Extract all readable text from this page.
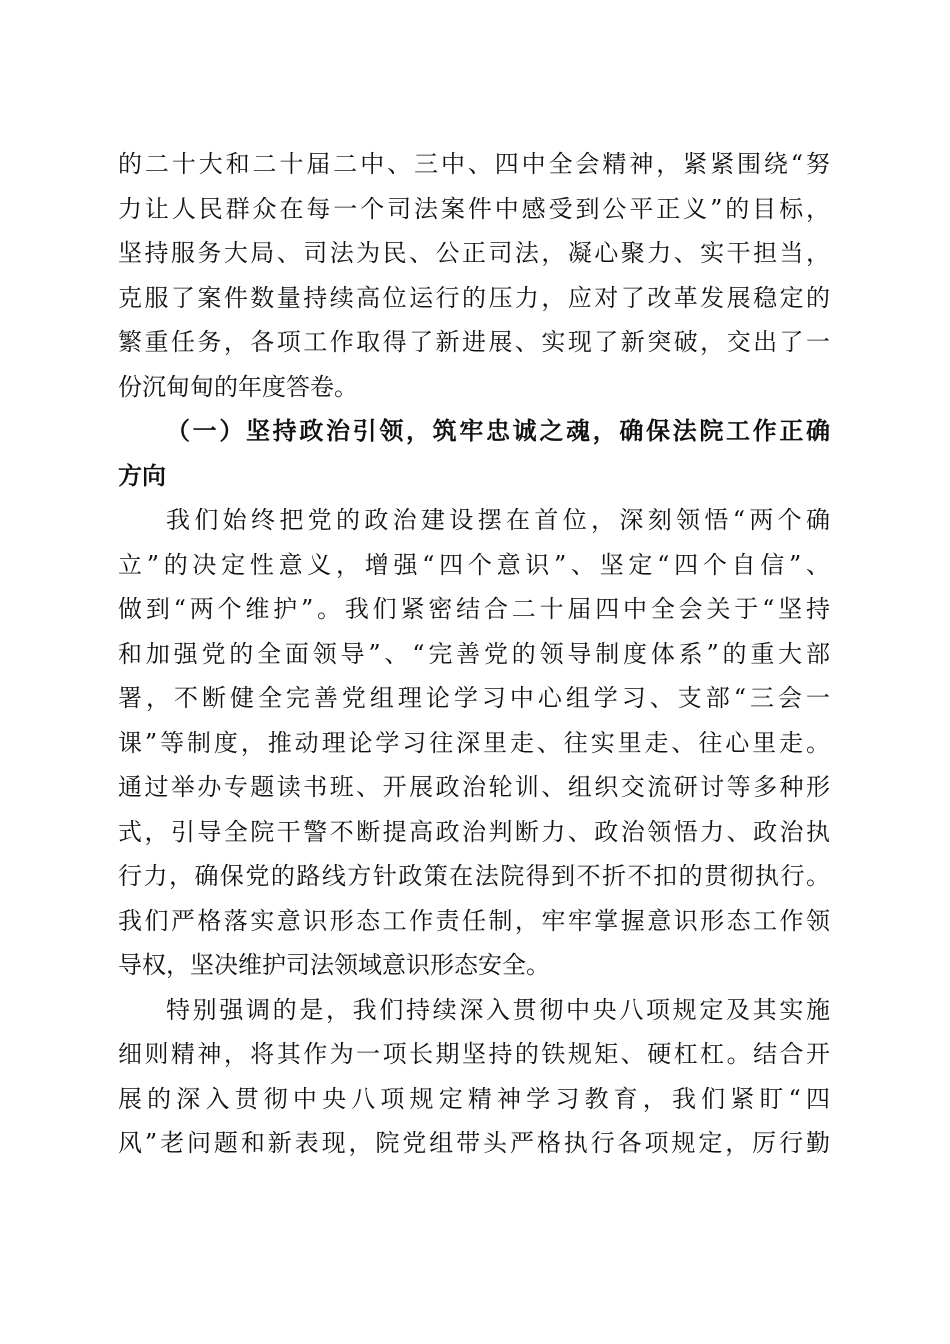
的二十大和二十届二中、三中、四中全会精神，紧紧围绕“努
力让人民群众在每一个司法案件中感受到公平正义”的目标，
坚持服务大局、司法为民、公正司法，凝心聚力、实干担当，
克服了案件数量持续高位运行的压力，应对了改革发展稳定的
繁重任务，各项工作取得了新进展、实现了新突破，交出了一
份沉甸甸的年度答卷。
（一）坚持政治引领，筑牢忠诚之魂，确保法院工作正确
方向
我们始终把党的政治建设摆在首位，深刻领悟“两个确
立”的决定性意义，增强“四个意识”、坚定“四个自信”、
做到“两个维护”。我们紧密结合二十届四中全会关于“坚持
和加强党的全面领导”、“完善党的领导制度体系”的重大部
署，不断健全完善党组理论学习中心组学习、支部“三会一
课”等制度，推动理论学习往深里走、往实里走、往心里走。
通过举办专题读书班、开展政治轮训、组织交流研讨等多种形
式，引导全院干警不断提高政治判断力、政治领悟力、政治执
行力，确保党的路线方针政策在法院得到不折不扣的贯彻执行。
我们严格落实意识形态工作责任制，牢牢掌握意识形态工作领
导权，坚决维护司法领域意识形态安全。
特别强调的是，我们持续深入贯彻中央八项规定及其实施
细则精神，将其作为一项长期坚持的铁规矩、硬杠杠。结合开
展的深入贯彻中央八项规定精神学习教育，我们紧盯“四
风”老问题和新表现，院党组带头严格执行各项规定，厉行勤
